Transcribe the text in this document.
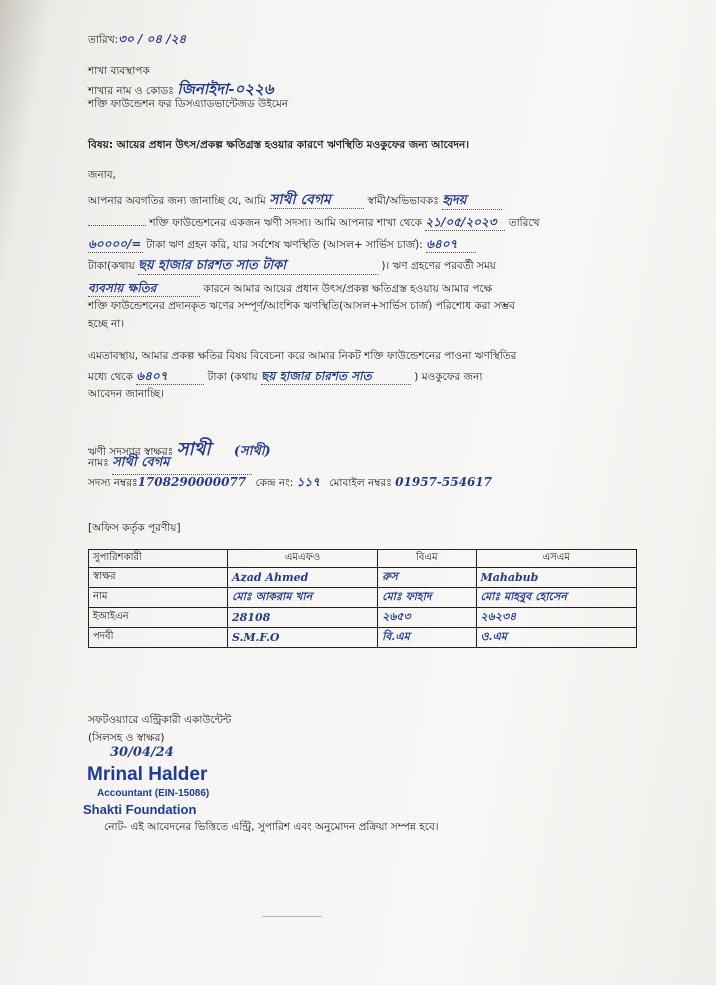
তারিখ:৩০ / ০৪ /২৪
শাখা ব্যবস্থাপক
শাখার নাম ও কোডঃ জিনাইদা-০২২৬
শক্তি ফাউন্ডেশন ফর ডিসএ্যাডভান্টেজড উইমেন
বিষয়: আয়ের প্রধান উৎস/প্রকল্প ক্ষতিগ্রস্ত হওয়ার কারণে ঋণস্থিতি মওকুফের জন্য আবেদন।
জনাব,
আপনার অবগতির জন্য জানাচ্ছি যে, আমি সাথী বেগম	স্বামী/অভিভাবকঃ হৃদয়
শক্তি ফাউন্ডেশনের একজন ঋণী সদস্য। আমি আপনার শাখা থেকে ২১/০৫/২০২৩ তারিখে
৬০০০০/= টাকা ঋণ গ্রহন করি, যার সর্বশেষ ঋণস্থিতি (আসল+ সার্ভিস চার্জ): ৬৪০৭
টাকা(কথায় ছয় হাজার চারশত সাত টাকা	)। ঋণ গ্রহণের পরবর্তী সময়
ব্যবসায় ক্ষতির	কারনে আমার আয়ের প্রধান উৎস/প্রকল্প ক্ষতিগ্রস্ত হওয়ায় আমার পক্ষে
শক্তি ফাউন্ডেশনের প্রদানকৃত ঋণের সম্পূর্ণ/আংশিক ঋণস্থিতি(আসল+সার্ভিস চার্জ) পরিশোধ করা সম্ভব
হচ্ছে না।
এমতাবস্থায়, আমার প্রকল্প ক্ষতির বিষয় বিবেচনা করে আমার নিকট শক্তি ফাউন্ডেশনের পাওনা ঋণস্থিতির
মধ্যে থেকে ৬৪০৭	টাকা (কথায় ছয় হাজার চারশত সাত	) মওকুফের জন্য
আবেদন জানাচ্ছি।
ঋণী সদস্যার স্বাক্ষরঃ সাথী (সাথী)
নামঃ সাথী বেগম
সদস্য নম্বরঃ1708290000077 কেন্দ্র নং: ১১৭ মোবাইল নম্বরঃ 01957-554617
[অফিস কর্তৃক পূরণীয়]
সুপারিশকারী	এমএফও	বিএম	এসএম
স্বাক্ষর	Azad Ahmed	রুস	Mahabub
নাম	মোঃ আকরাম খান	মোঃ ফাহাদ	মোঃ মাহবুব হোসেন
ইআইএন	28108	২৬৫৩	২৬২৩৪
পদবী	S.M.F.O	বি.এম	ও.এম
সফটওয়্যারে এন্ট্রিকারী একাউন্টেন্ট
(সিলসহ ও স্বাক্ষর)
30/04/24
Mrinal Halder
Accountant (EIN-15086)
Shakti Foundation
নোট- এই আবেদনের ভিত্তিতে এন্ট্রি, সুপারিশ এবং অনুমোদন প্রক্রিয়া সম্পন্ন হবে।
